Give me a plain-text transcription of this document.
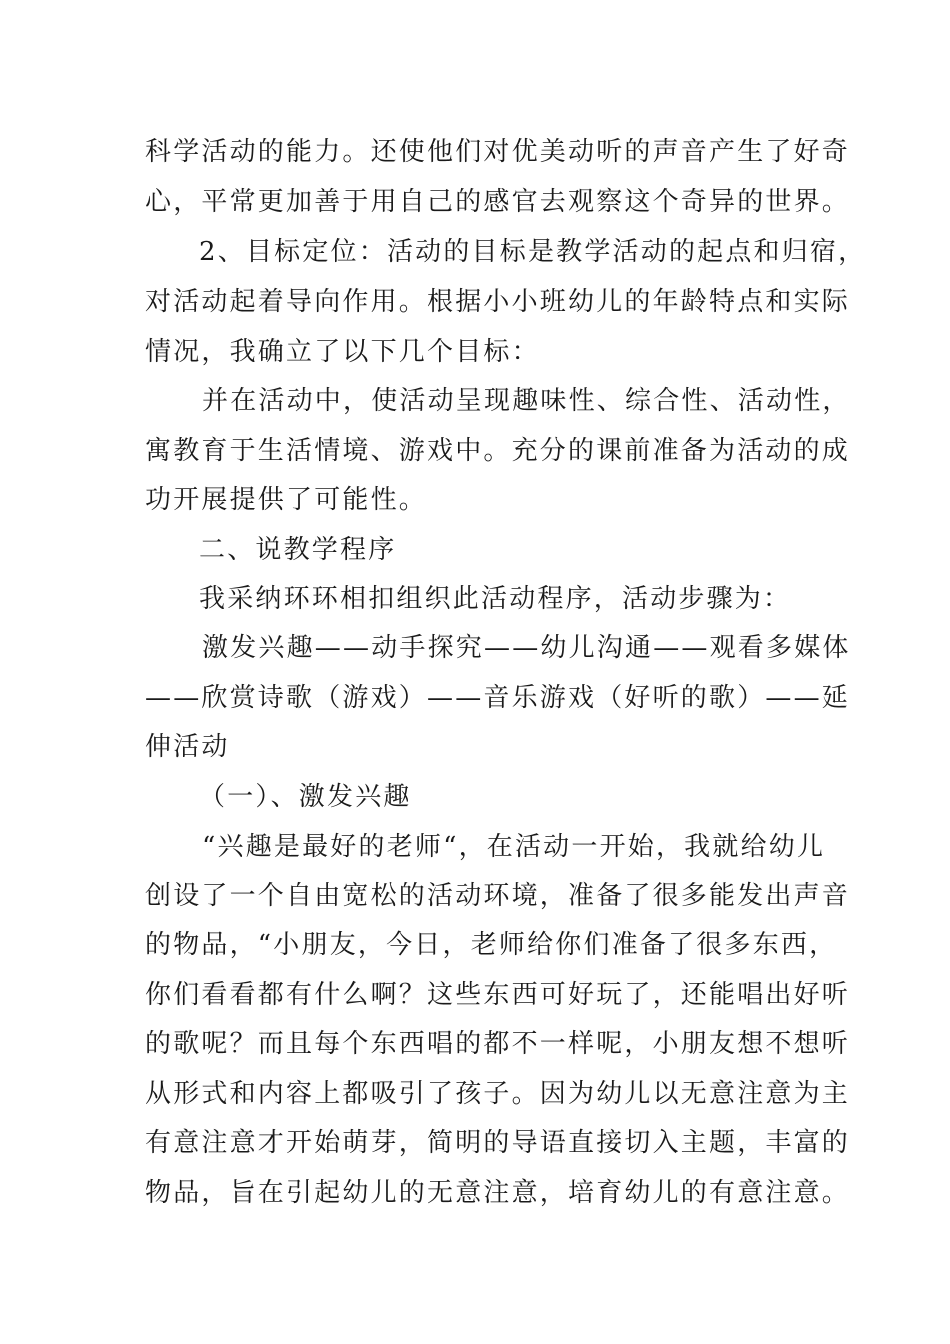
科学活动的能力。还使他们对优美动听的声音产生了好奇
心，平常更加善于用自己的感官去观察这个奇异的世界。
2、目标定位：活动的目标是教学活动的起点和归宿，
对活动起着导向作用。根据小小班幼儿的年龄特点和实际
情况，我确立了以下几个目标：
并在活动中，使活动呈现趣味性、综合性、活动性，
寓教育于生活情境、游戏中。充分的课前准备为活动的成
功开展提供了可能性。
二、说教学程序
我采纳环环相扣组织此活动程序，活动步骤为：
激发兴趣——动手探究——幼儿沟通——观看多媒体
——欣赏诗歌（游戏）——音乐游戏（好听的歌）——延
伸活动
（一）、激发兴趣
“兴趣是最好的老师“，在活动一开始，我就给幼儿
创设了一个自由宽松的活动环境，准备了很多能发出声音
的物品，“小朋友，今日，老师给你们准备了很多东西，
你们看看都有什么啊？这些东西可好玩了，还能唱出好听
的歌呢？而且每个东西唱的都不一样呢，小朋友想不想听
从形式和内容上都吸引了孩子。因为幼儿以无意注意为主
有意注意才开始萌芽，简明的导语直接切入主题，丰富的
物品，旨在引起幼儿的无意注意，培育幼儿的有意注意。
